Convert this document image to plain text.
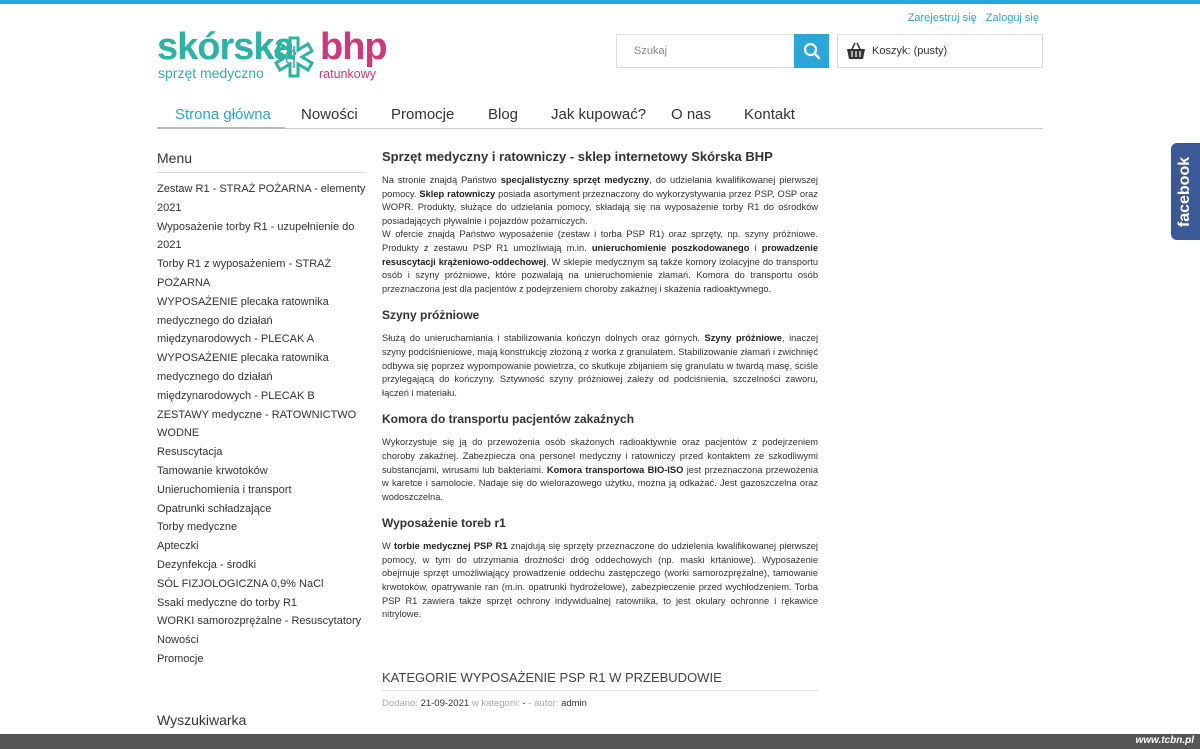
Zarejestruj się Zaloguj się
skórska bhp
sprzęt medyczno	ratunkowy
Szukaj
Koszyk: (pusty)
Strona główna Nowości Promocje Blog Jak kupować? O nas Kontakt
Menu
Zestaw R1 - STRAŻ POŻARNA - elementy 2021
Wyposażenie torby R1 - uzupełnienie do 2021
Torby R1 z wyposażeniem - STRAŻ POŻARNA
WYPOSAŻENIE plecaka ratownika medycznego do działań międzynarodowych - PLECAK A
WYPOSAŻENIE plecaka ratownika medycznego do działań międzynarodowych - PLECAK B
ZESTAWY medyczne - RATOWNICTWO WODNE
Resuscytacja
Tamowanie krwotoków
Unieruchomienia i transport
Opatrunki schładzające
Torby medyczne
Apteczki
Dezynfekcja - środki
SÓL FIZJOLOGICZNA 0,9% NaCl
Ssaki medyczne do torby R1
WORKI samorozprężalne - Resuscytatory
Nowości
Promocje
Wyszukiwarka
Sprzęt medyczny i ratowniczy - sklep internetowy Skórska BHP

Na stronie znajdą Państwo specjalistyczny sprzęt medyczny, do udzielania kwalifikowanej pierwszej pomocy. Sklep ratowniczy posiada asortyment przeznaczony do wykorzystywania przez PSP, OSP oraz WOPR. Produkty, służące do udzielania pomocy, składają się na wyposażenie torby R1 do ośrodków posiadających pływalnie i pojazdów pożarniczych.
W ofercie znajdą Państwo wyposażenie (zestaw i torba PSP R1) oraz sprzęty, np. szyny próżniowe. Produkty z zestawu PSP R1 umożliwiają m.in. unieruchomienie poszkodowanego i prowadzenie resuscytacji krążeniowo-oddechowej. W sklepie medycznym są także komory izolacyjne do transportu osób i szyny próżniowe, które pozwalają na unieruchomienie złamań. Komora do transportu osób przeznaczona jest dla pacjentów z podejrzeniem choroby zakaźnej i skażenia radioaktywnego.

Szyny próżniowe

Służą do unieruchamiania i stabilizowania kończyn dolnych oraz górnych. Szyny próżniowe, inaczej szyny podciśnieniowe, mają konstrukcję złożoną z worka z granulatem. Stabilizowanie złamań i zwichnięć odbywa się poprzez wypompowanie powietrza, co skutkuje zbijaniem się granulatu w twardą masę, ściśle przylegającą do kończyny. Sztywność szyny próżniowej zależy od podciśnienia, szczelności zaworu, łączeń i materiału.

Komora do transportu pacjentów zakaźnych

Wykorzystuje się ją do przewożenia osób skażonych radioaktywnie oraz pacjentów z podejrzeniem choroby zakaźnej. Zabezpiecza ona personel medyczny i ratowniczy przed kontaktem ze szkodliwymi substancjami, wirusami lub bakteriami. Komora transportowa BIO-ISO jest przeznaczona przewożenia w karetce i samolocie. Nadaje się do wielorazowego użytku, można ją odkażać. Jest gazoszczelna oraz wodoszczelna.

Wyposażenie toreb r1

W torbie medycznej PSP R1 znajdują się sprzęty przeznaczone do udzielenia kwalifikowanej pierwszej pomocy, w tym do utrzymania drożności dróg oddechowych (np. maski krtaniowe). Wyposażenie obejmuje sprzęt umożliwiający prowadzenie oddechu zastępczego (worki samorozprężalne), tamowanie krwotoków, opatrywanie ran (m.in. opatrunki hydrożelowe), zabezpieczenie przed wychłodzeniem. Torba PSP R1 zawiera także sprzęt ochrony indywidualnej ratownika, to jest okulary ochronne i rękawice nitrylowe.

KATEGORIE WYPOSAŻENIE PSP R1 W PRZEBUDOWIE
Dodano: 21-09-2021 w kategorii: - - autor: admin
facebook
www.tcbn.pl
